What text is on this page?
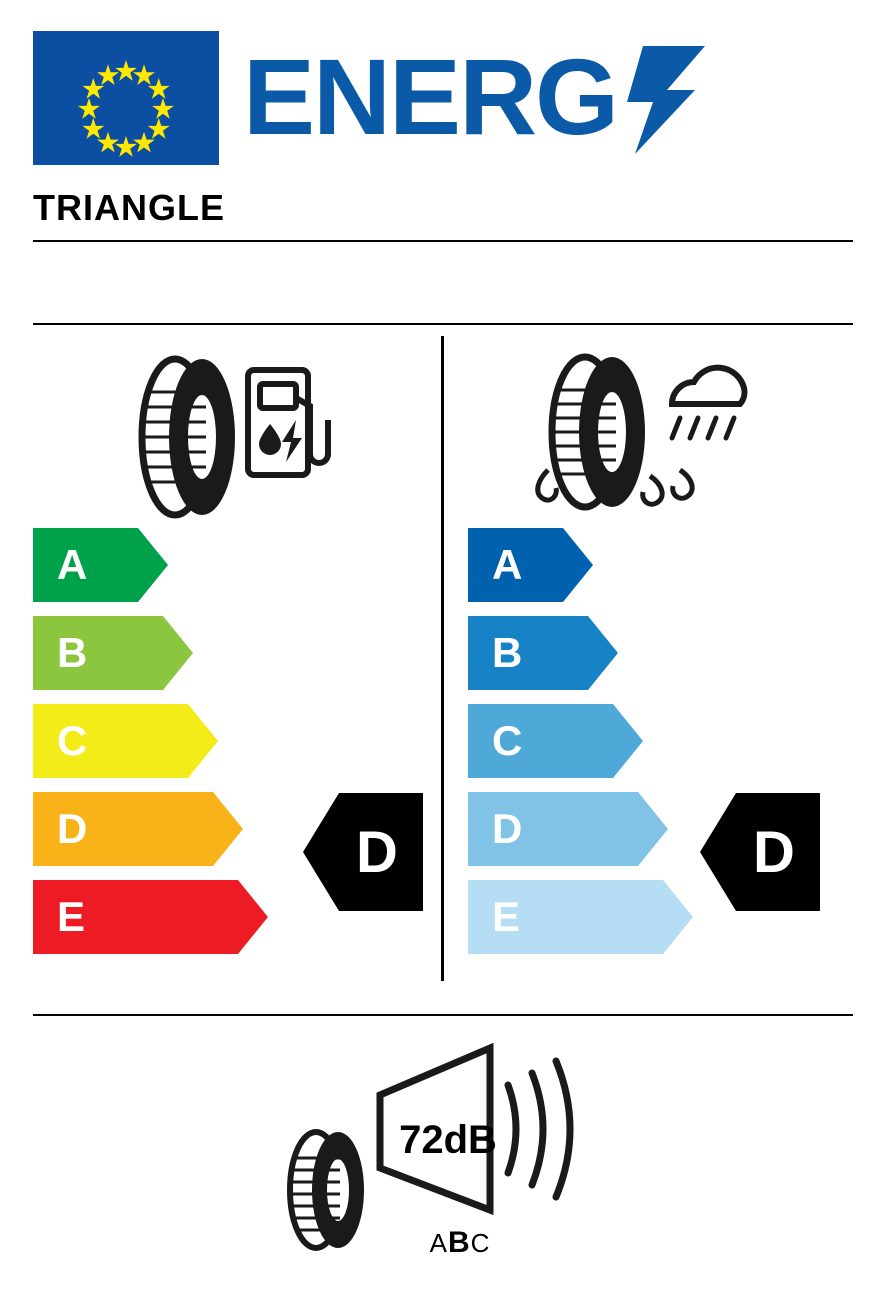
ENERG
TRIANGLE
A
B
C
D
E
D
A
B
C
D
E
D
72dB
ABC
